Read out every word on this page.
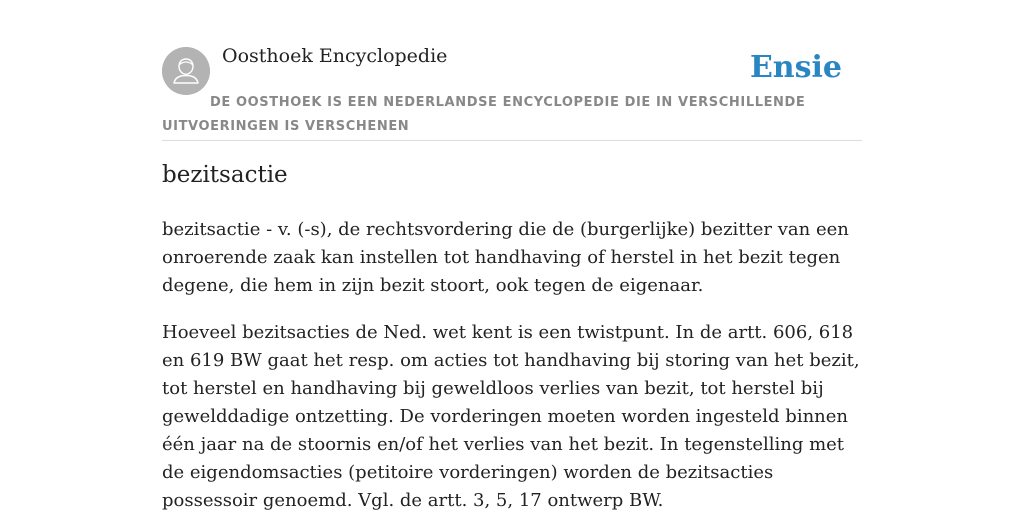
Oosthoek Encyclopedie	Ensie
DE OOSTHOEK IS EEN NEDERLANDSE ENCYCLOPEDIE DIE IN VERSCHILLENDE UITVOERINGEN IS VERSCHENEN
bezitsactie

bezitsactie - v. (-s), de rechtsvordering die de (burgerlijke) bezitter van een onroerende zaak kan instellen tot handhaving of herstel in het bezit tegen degene, die hem in zijn bezit stoort, ook tegen de eigenaar.

Hoeveel bezitsacties de Ned. wet kent is een twistpunt. In de artt. 606, 618 en 619 BW gaat het resp. om acties tot handhaving bij storing van het bezit, tot herstel en handhaving bij geweldloos verlies van bezit, tot herstel bij gewelddadige ontzetting. De vorderingen moeten worden ingesteld binnen één jaar na de stoornis en/of het verlies van het bezit. In tegenstelling met de eigendomsacties (petitoire vorderingen) worden de bezitsacties possessoir genoemd. Vgl. de artt. 3, 5, 17 ontwerp BW.
